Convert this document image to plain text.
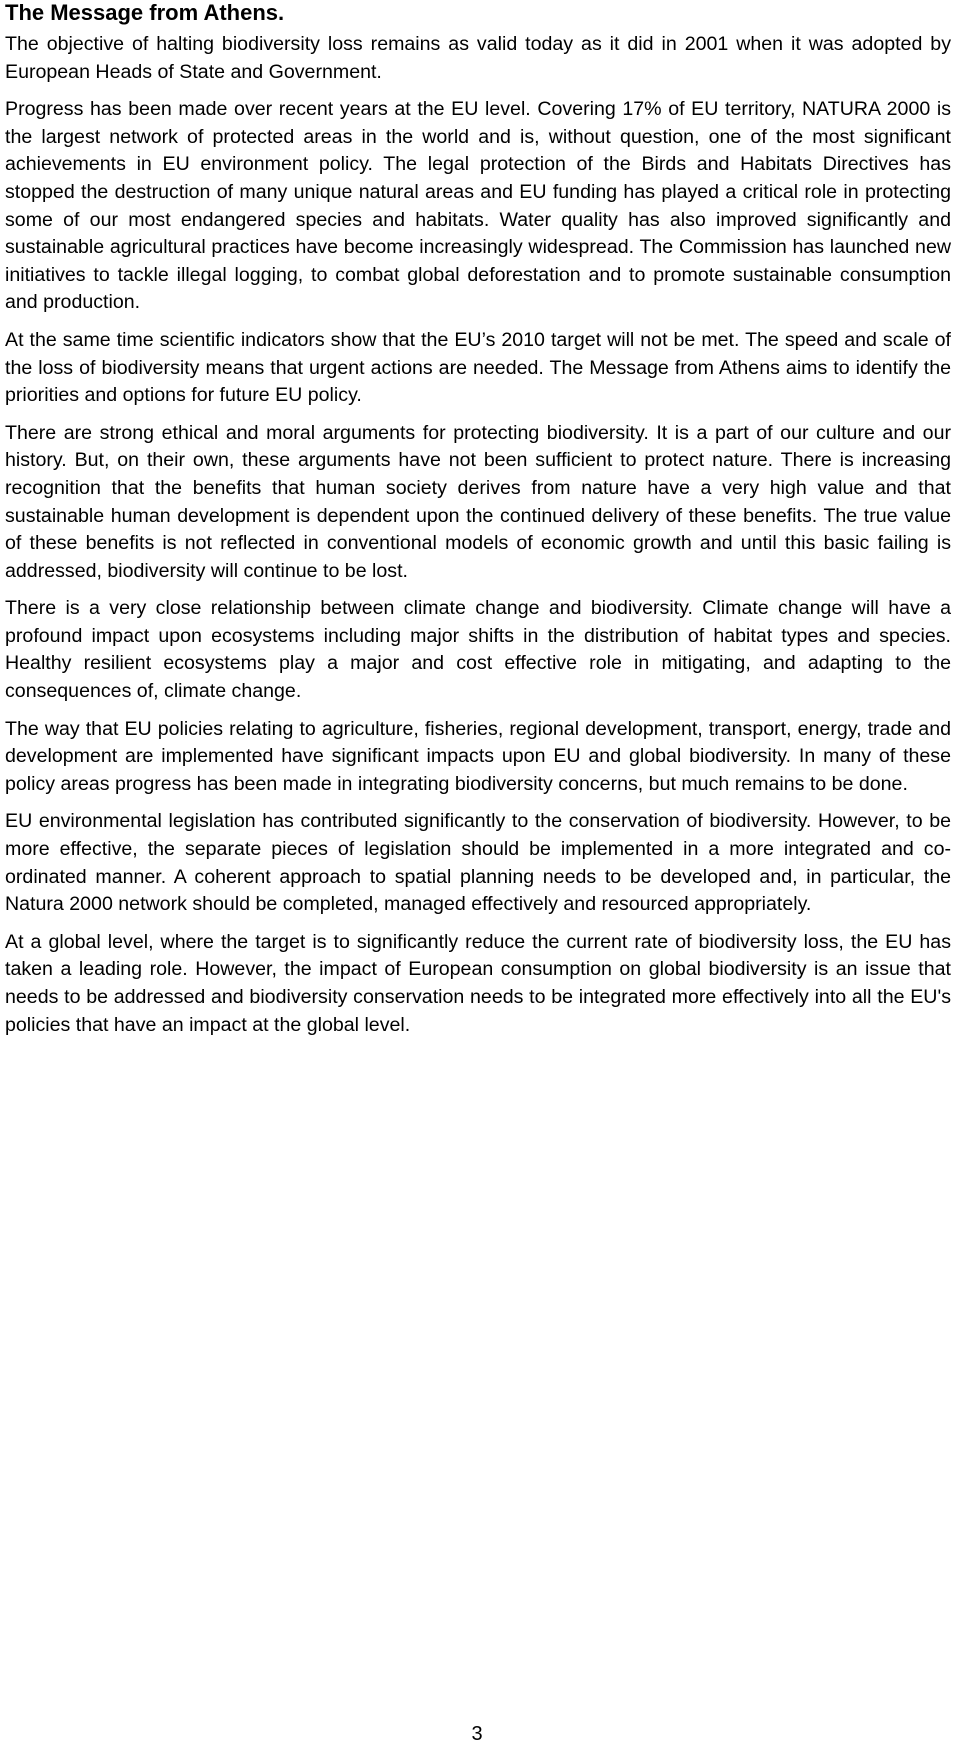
The Message from Athens.

The objective of halting biodiversity loss remains as valid today as it did in 2001 when it was adopted by European Heads of State and Government.

Progress has been made over recent years at the EU level. Covering 17% of EU territory, NATURA 2000 is the largest network of protected areas in the world and is, without question, one of the most significant achievements in EU environment policy. The legal protection of the Birds and Habitats Directives has stopped the destruction of many unique natural areas and EU funding has played a critical role in protecting some of our most endangered species and habitats. Water quality has also improved significantly and sustainable agricultural practices have become increasingly widespread. The Commission has launched new initiatives to tackle illegal logging, to combat global deforestation and to promote sustainable consumption and production.

At the same time scientific indicators show that the EU’s 2010 target will not be met. The speed and scale of the loss of biodiversity means that urgent actions are needed. The Message from Athens aims to identify the priorities and options for future EU policy.

There are strong ethical and moral arguments for protecting biodiversity. It is a part of our culture and our history. But, on their own, these arguments have not been sufficient to protect nature. There is increasing recognition that the benefits that human society derives from nature have a very high value and that sustainable human development is dependent upon the continued delivery of these benefits. The true value of these benefits is not reflected in conventional models of economic growth and until this basic failing is addressed, biodiversity will continue to be lost.

There is a very close relationship between climate change and biodiversity. Climate change will have a profound impact upon ecosystems including major shifts in the distribution of habitat types and species. Healthy resilient ecosystems play a major and cost effective role in mitigating, and adapting to the consequences of, climate change.

The way that EU policies relating to agriculture, fisheries, regional development, transport, energy, trade and development are implemented have significant impacts upon EU and global biodiversity. In many of these policy areas progress has been made in integrating biodiversity concerns, but much remains to be done.

EU environmental legislation has contributed significantly to the conservation of biodiversity. However, to be more effective, the separate pieces of legislation should be implemented in a more integrated and co-ordinated manner. A coherent approach to spatial planning needs to be developed and, in particular, the Natura 2000 network should be completed, managed effectively and resourced appropriately.

At a global level, where the target is to significantly reduce the current rate of biodiversity loss, the EU has taken a leading role. However, the impact of European consumption on global biodiversity is an issue that needs to be addressed and biodiversity conservation needs to be integrated more effectively into all the EU's policies that have an impact at the global level.

3
